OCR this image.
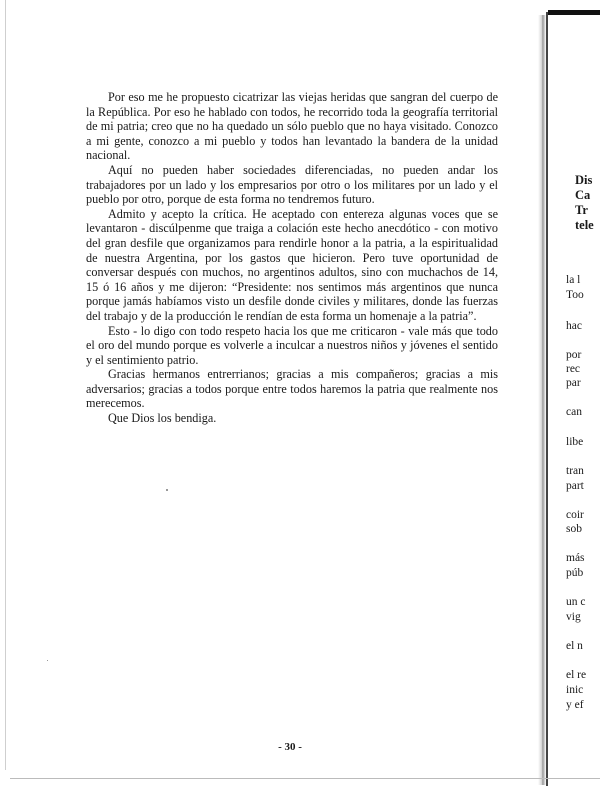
Por eso me he propuesto cicatrizar las viejas heridas que sangran del cuerpo de la República. Por eso he hablado con todos, he recorrido toda la geografía territorial de mi patria; creo que no ha quedado un sólo pueblo que no haya visitado. Conozco a mi gente, conozco a mi pueblo y todos han levantado la bandera de la unidad nacional.

Aquí no pueden haber sociedades diferenciadas, no pueden andar los trabajadores por un lado y los empresarios por otro o los militares por un lado y el pueblo por otro, porque de esta forma no tendremos futuro.

Admito y acepto la crítica. He aceptado con entereza algunas voces que se levantaron - discúlpenme que traiga a colación este hecho anecdótico - con motivo del gran desfile que organizamos para rendirle honor a la patria, a la espiritualidad de nuestra Argentina, por los gastos que hicieron. Pero tuve oportunidad de conversar después con muchos, no argentinos adultos, sino con muchachos de 14, 15 ó 16 años y me dijeron: “Presidente: nos sentimos más argentinos que nunca porque jamás habíamos visto un desfile donde civiles y militares, donde las fuerzas del trabajo y de la producción le rendían de esta forma un homenaje a la patria”.

Esto - lo digo con todo respeto hacia los que me criticaron - vale más que todo el oro del mundo porque es volverle a inculcar a nuestros niños y jóvenes el sentido y el sentimiento patrio.

Gracias hermanos entrerrianos; gracias a mis compañeros; gracias a mis adversarios; gracias a todos porque entre todos haremos la patria que realmente nos merecemos.

Que Dios los bendiga.

- 30 -
Dis
Ca
Tr
tele
la l
Too
hac
por
rec
par
can
libe
tran
part
coir
sob
más
púb
un c
vig
el n
el re
inic
y ef
